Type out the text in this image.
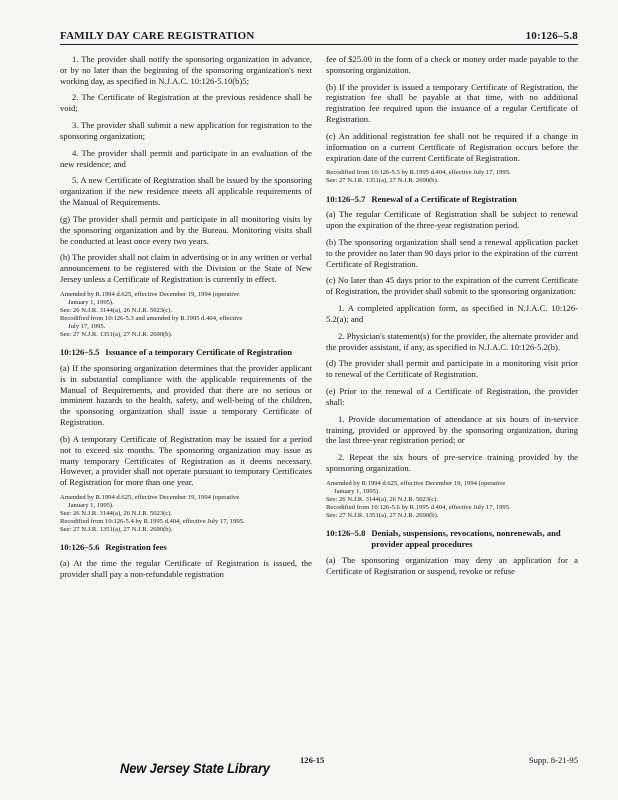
FAMILY DAY CARE REGISTRATION	10:126–5.8

1. The provider shall notify the sponsoring organization in advance, or by no later than the beginning of the sponsoring organization's next working day, as specified in N.J.A.C. 10:126-5.10(b)5;

2. The Certificate of Registration at the previous residence shall be void;

3. The provider shall submit a new application for registration to the sponsoring organization;

4. The provider shall permit and participate in an evaluation of the new residence; and

5. A new Certificate of Registration shall be issued by the sponsoring organization if the new residence meets all applicable requirements of the Manual of Requirements.

(g) The provider shall permit and participate in all monitoring visits by the sponsoring organization and by the Bureau. Monitoring visits shall be conducted at least once every two years.

(h) The provider shall not claim in advertising or in any written or verbal announcement to be registered with the Division or the State of New Jersey unless a Certificate of Registration is currently in effect.

Amended by R.1994 d.625, effective December 19, 1994 (operative
January 1, 1995).
See: 26 N.J.R. 3144(a), 26 N.J.R. 5023(c).
Recodified from 10:126-5.3 and amended by R.1995 d.404, effective
July 17, 1995.
See: 27 N.J.R. 1351(a), 27 N.J.R. 2690(b).
10:126–5.5 Issuance of a temporary Certificate of Registration

(a) If the sponsoring organization determines that the provider applicant is in substantial compliance with the applicable requirements of the Manual of Requirements, and provided that there are no serious or imminent hazards to the health, safety, and well-being of the children, the sponsoring organization shall issue a temporary Certificate of Registration.

(b) A temporary Certificate of Registration may be issued for a period not to exceed six months. The sponsoring organization may issue as many temporary Certificates of Registration as it deems necessary. However, a provider shall not operate pursuant to temporary Certificates of Registration for more than one year.

Amended by R.1994 d.625, effective December 19, 1994 (operative
January 1, 1995).
See: 26 N.J.R. 3144(a), 26 N.J.R. 5023(c).
Recodified from 10:126-5.4 by R.1995 d.404, effective July 17, 1995.
See: 27 N.J.R. 1351(a), 27 N.J.R. 2690(b).
10:126–5.6 Registration fees

(a) At the time the regular Certificate of Registration is issued, the provider shall pay a non-refundable registration

fee of $25.00 in the form of a check or money order made payable to the sponsoring organization.

(b) If the provider is issued a temporary Certificate of Registration, the registration fee shall be payable at that time, with no additional registration fee required upon the issuance of a regular Certificate of Registration.

(c) An additional registration fee shall not be required if a change in information on a current Certificate of Registration occurs before the expiration date of the current Certificate of Registration.

Recodified from 10:126-5.5 by R.1995 d.404, effective July 17, 1995.
See: 27 N.J.R. 1351(a), 27 N.J.R. 2690(b).
10:126–5.7 Renewal of a Certificate of Registration

(a) The regular Certificate of Registration shall be subject to renewal upon the expiration of the three-year registration period.

(b) The sponsoring organization shall send a renewal application packet to the provider no later than 90 days prior to the expiration of the current Certificate of Registration.

(c) No later than 45 days prior to the expiration of the current Certificate of Registration, the provider shall submit to the sponsoring organization:

1. A completed application form, as specified in N.J.A.C. 10:126-5.2(a); and

2. Physician's statement(s) for the provider, the alternate provider and the provider assistant, if any, as specified in N.J.A.C. 10:126-5.2(b).

(d) The provider shall permit and participate in a monitoring visit prior to renewal of the Certificate of Registration.

(e) Prior to the renewal of a Certificate of Registration, the provider shall:

1. Provide documentation of attendance at six hours of in-service training, provided or approved by the sponsoring organization, during the last three-year registration period; or

2. Repeat the six hours of pre-service training provided by the sponsoring organization.

Amended by R.1994 d.625, effective December 19, 1994 (operative
January 1, 1995).
See: 26 N.J.R. 3144(a), 26 N.J.R. 5023(c).
Recodified from 10:126-5.6 by R.1995 d.404, effective July 17, 1995.
See: 27 N.J.R. 1351(a), 27 N.J.R. 2690(b).
10:126–5.8 Denials, suspensions, revocations, nonrenewals, and provider appeal procedures

(a) The sponsoring organization may deny an application for a Certificate of Registration or suspend, revoke or refuse

New Jersey State Library
126-15	Supp. 8-21-95
